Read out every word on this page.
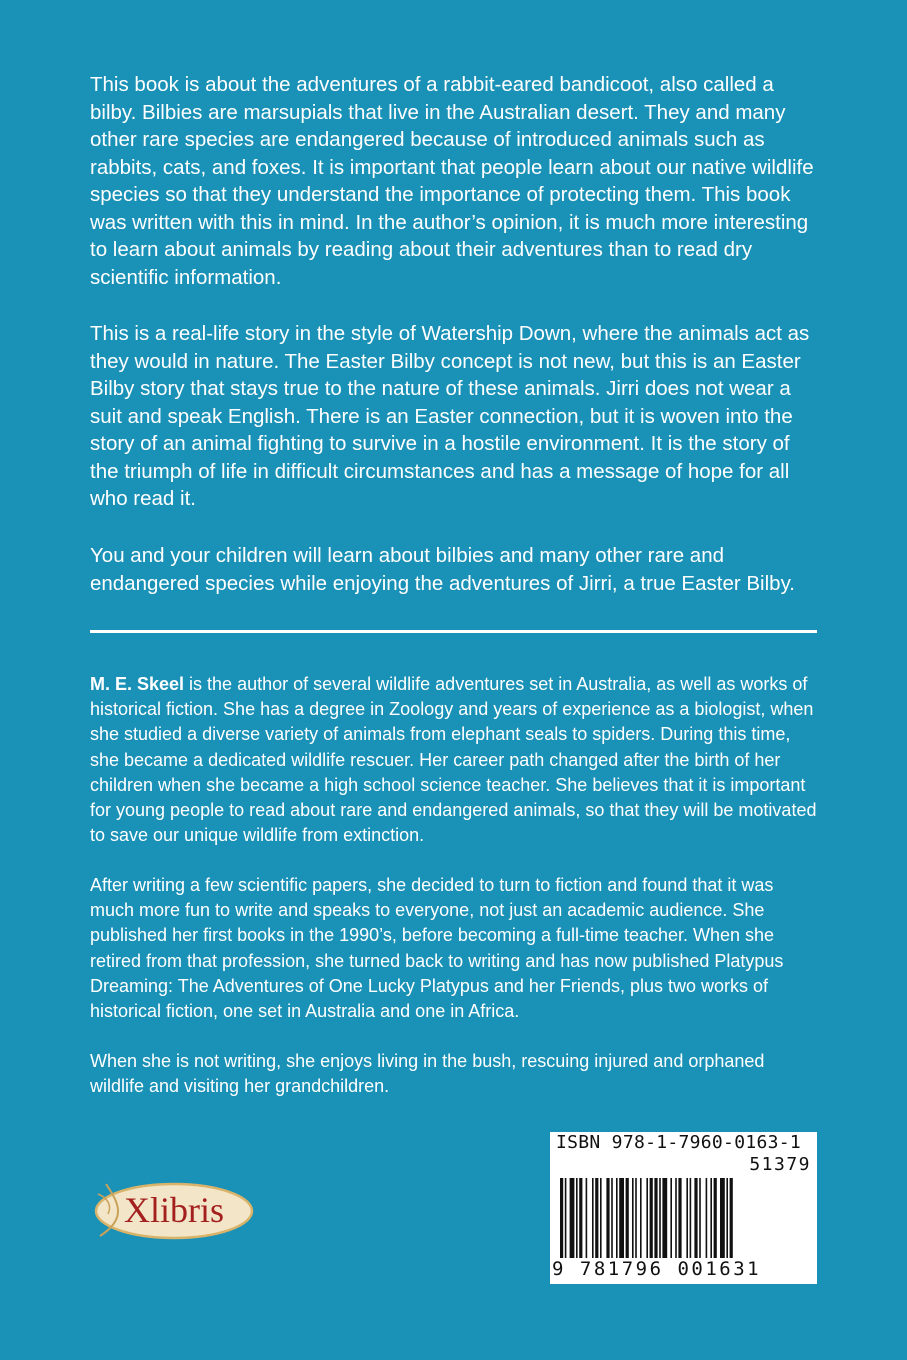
This book is about the adventures of a rabbit-eared bandicoot, also called a bilby. Bilbies are marsupials that live in the Australian desert. They and many other rare species are endangered because of introduced animals such as rabbits, cats, and foxes. It is important that people learn about our native wildlife species so that they understand the importance of protecting them. This book was written with this in mind. In the author’s opinion, it is much more interesting to learn about animals by reading about their adventures than to read dry scientific information.

This is a real-life story in the style of Watership Down, where the animals act as they would in nature. The Easter Bilby concept is not new, but this is an Easter Bilby story that stays true to the nature of these animals. Jirri does not wear a suit and speak English. There is an Easter connection, but it is woven into the story of an animal fighting to survive in a hostile environment. It is the story of the triumph of life in difficult circumstances and has a message of hope for all who read it.

You and your children will learn about bilbies and many other rare and endangered species while enjoying the adventures of Jirri, a true Easter Bilby.

M. E. Skeel is the author of several wildlife adventures set in Australia, as well as works of historical fiction. She has a degree in Zoology and years of experience as a biologist, when she studied a diverse variety of animals from elephant seals to spiders. During this time, she became a dedicated wildlife rescuer. Her career path changed after the birth of her children when she became a high school science teacher. She believes that it is important for young people to read about rare and endangered animals, so that they will be motivated to save our unique wildlife from extinction.

After writing a few scientific papers, she decided to turn to fiction and found that it was much more fun to write and speaks to everyone, not just an academic audience. She published her first books in the 1990’s, before becoming a full-time teacher. When she retired from that profession, she turned back to writing and has now published Platypus Dreaming: The Adventures of One Lucky Platypus and her Friends, plus two works of historical fiction, one set in Australia and one in Africa.

When she is not writing, she enjoys living in the bush, rescuing injured and orphaned wildlife and visiting her grandchildren.

Xlibris
ISBN 978-1-7960-0163-1
51379
9 781796 001631
